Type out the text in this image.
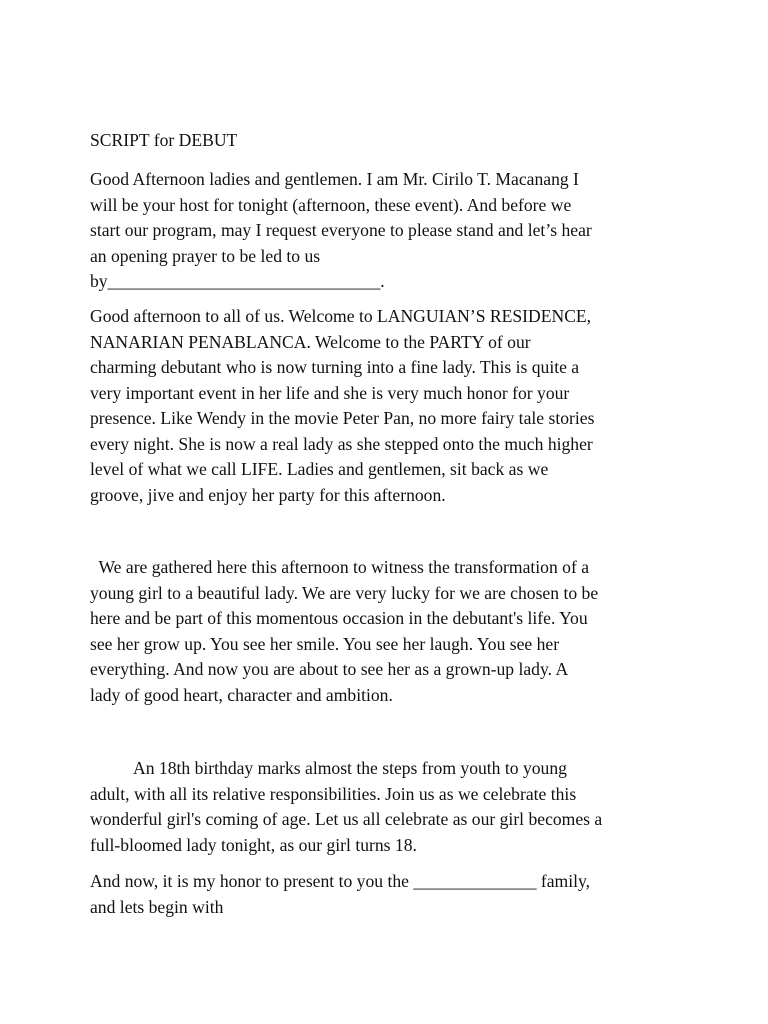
SCRIPT for DEBUT
Good Afternoon ladies and gentlemen. I am Mr. Cirilo T. Macanang I
will be your host for tonight (afternoon, these event). And before we
start our program, may I request everyone to please stand and let’s hear
an opening prayer to be led to us
by_______________________________.
Good afternoon to all of us. Welcome to LANGUIAN’S RESIDENCE,
NANARIAN PENABLANCA. Welcome to the PARTY of our
charming debutant who is now turning into a fine lady. This is quite a
very important event in her life and she is very much honor for your
presence. Like Wendy in the movie Peter Pan, no more fairy tale stories
every night. She is now a real lady as she stepped onto the much higher
level of what we call LIFE. Ladies and gentlemen, sit back as we
groove, jive and enjoy her party for this afternoon.
We are gathered here this afternoon to witness the transformation of a
young girl to a beautiful lady. We are very lucky for we are chosen to be
here and be part of this momentous occasion in the debutant's life. You
see her grow up. You see her smile. You see her laugh. You see her
everything. And now you are about to see her as a grown-up lady. A
lady of good heart, character and ambition.
An 18th birthday marks almost the steps from youth to young
adult, with all its relative responsibilities. Join us as we celebrate this
wonderful girl's coming of age. Let us all celebrate as our girl becomes a
full-bloomed lady tonight, as our girl turns 18.
And now, it is my honor to present to you the ______________ family,
and lets begin with
